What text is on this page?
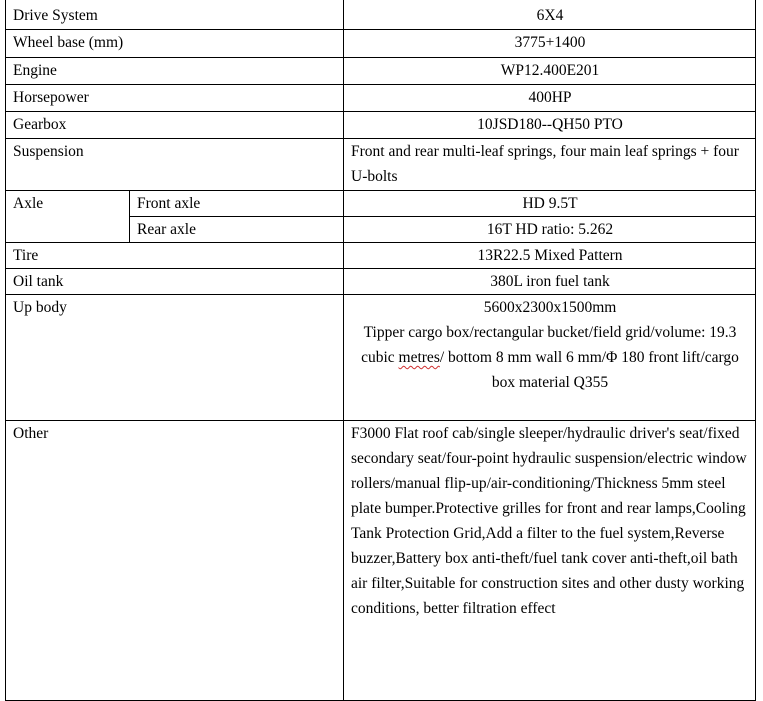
Drive System		6X4
Wheel base (mm)		3775+1400
Engine		WP12.400E201
Horsepower		400HP
Gearbox		10JSD180--QH50 PTO
Suspension		Front and rear multi-leaf springs, four main leaf springs + four U-bolts
Axle	Front axle	HD 9.5T
	Rear axle	16T HD ratio: 5.262
Tire		13R22.5 Mixed Pattern
Oil tank		380L iron fuel tank
Up body		5600x2300x1500mm
Tipper cargo box/rectangular bucket/field grid/volume: 19.3 cubic metres/ bottom 8 mm wall 6 mm/Φ 180 front lift/cargo box material Q355

Other		F3000 Flat roof cab/single sleeper/hydraulic driver's seat/fixed secondary seat/four-point hydraulic suspension/electric window rollers/manual flip-up/air-conditioning/Thickness 5mm steel plate bumper.Protective grilles for front and rear lamps,Cooling Tank Protection Grid,Add a filter to the fuel system,Reverse buzzer,Battery box anti-theft/fuel tank cover anti-theft,oil bath air filter,Suitable for construction sites and other dusty working conditions, better filtration effect
